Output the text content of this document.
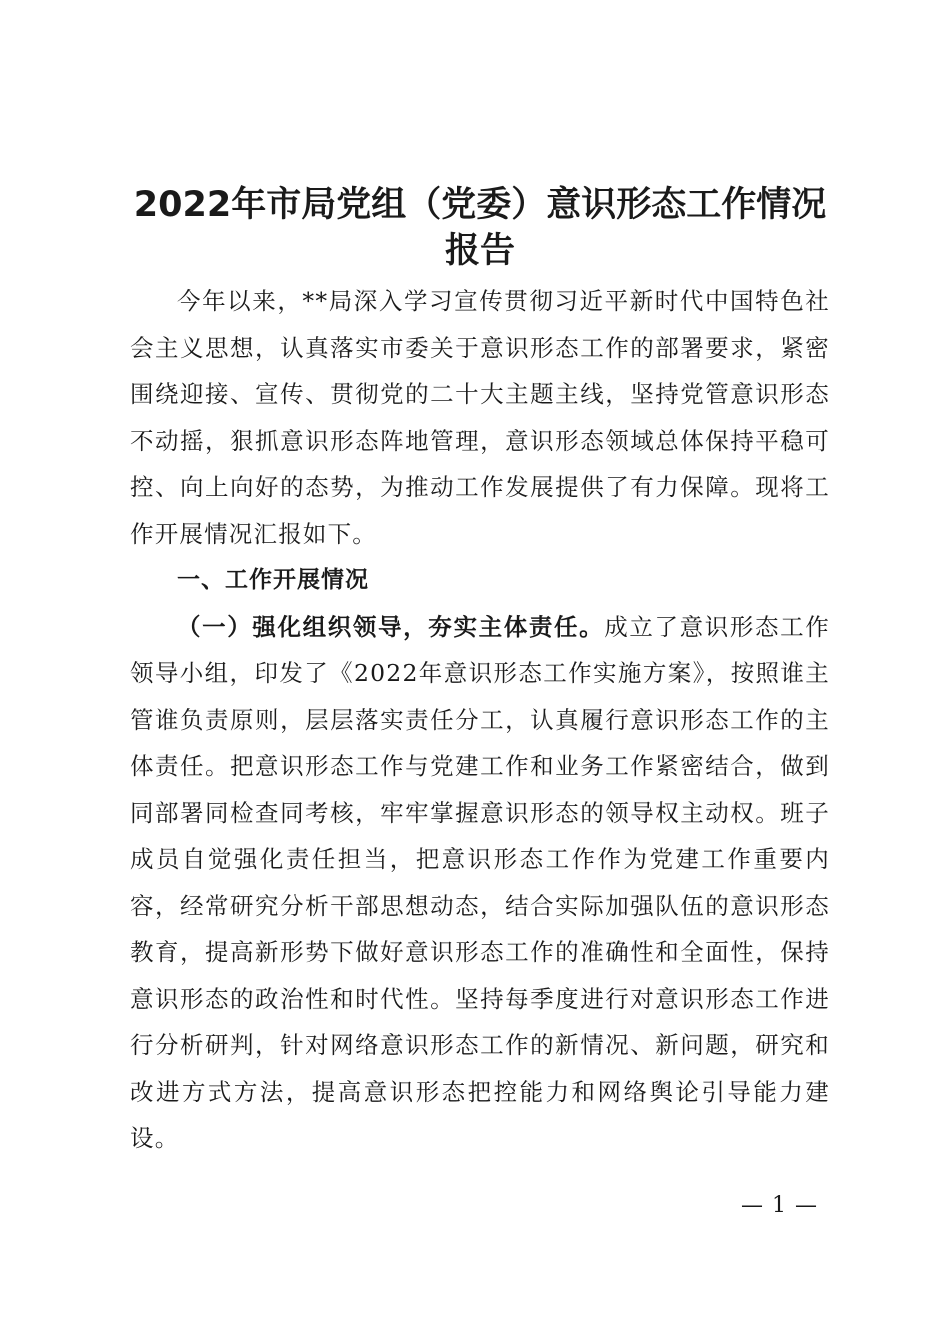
2022年市局党组（党委）意识形态工作情况
报告

今年以来，**局深入学习宣传贯彻习近平新时代中国特色社会主义思想，认真落实市委关于意识形态工作的部署要求，紧密围绕迎接、宣传、贯彻党的二十大主题主线，坚持党管意识形态不动摇，狠抓意识形态阵地管理，意识形态领域总体保持平稳可控、向上向好的态势，为推动工作发展提供了有力保障。现将工作开展情况汇报如下。

一、工作开展情况

（一）强化组织领导，夯实主体责任。成立了意识形态工作领导小组，印发了《2022年意识形态工作实施方案》，按照谁主管谁负责原则，层层落实责任分工，认真履行意识形态工作的主体责任。把意识形态工作与党建工作和业务工作紧密结合，做到同部署同检查同考核，牢牢掌握意识形态的领导权主动权。班子成员自觉强化责任担当，把意识形态工作作为党建工作重要内容，经常研究分析干部思想动态，结合实际加强队伍的意识形态教育，提高新形势下做好意识形态工作的准确性和全面性，保持意识形态的政治性和时代性。坚持每季度进行对意识形态工作进行分析研判，针对网络意识形态工作的新情况、新问题，研究和改进方式方法，提高意识形态把控能力和网络舆论引导能力建设。

— 1 —
